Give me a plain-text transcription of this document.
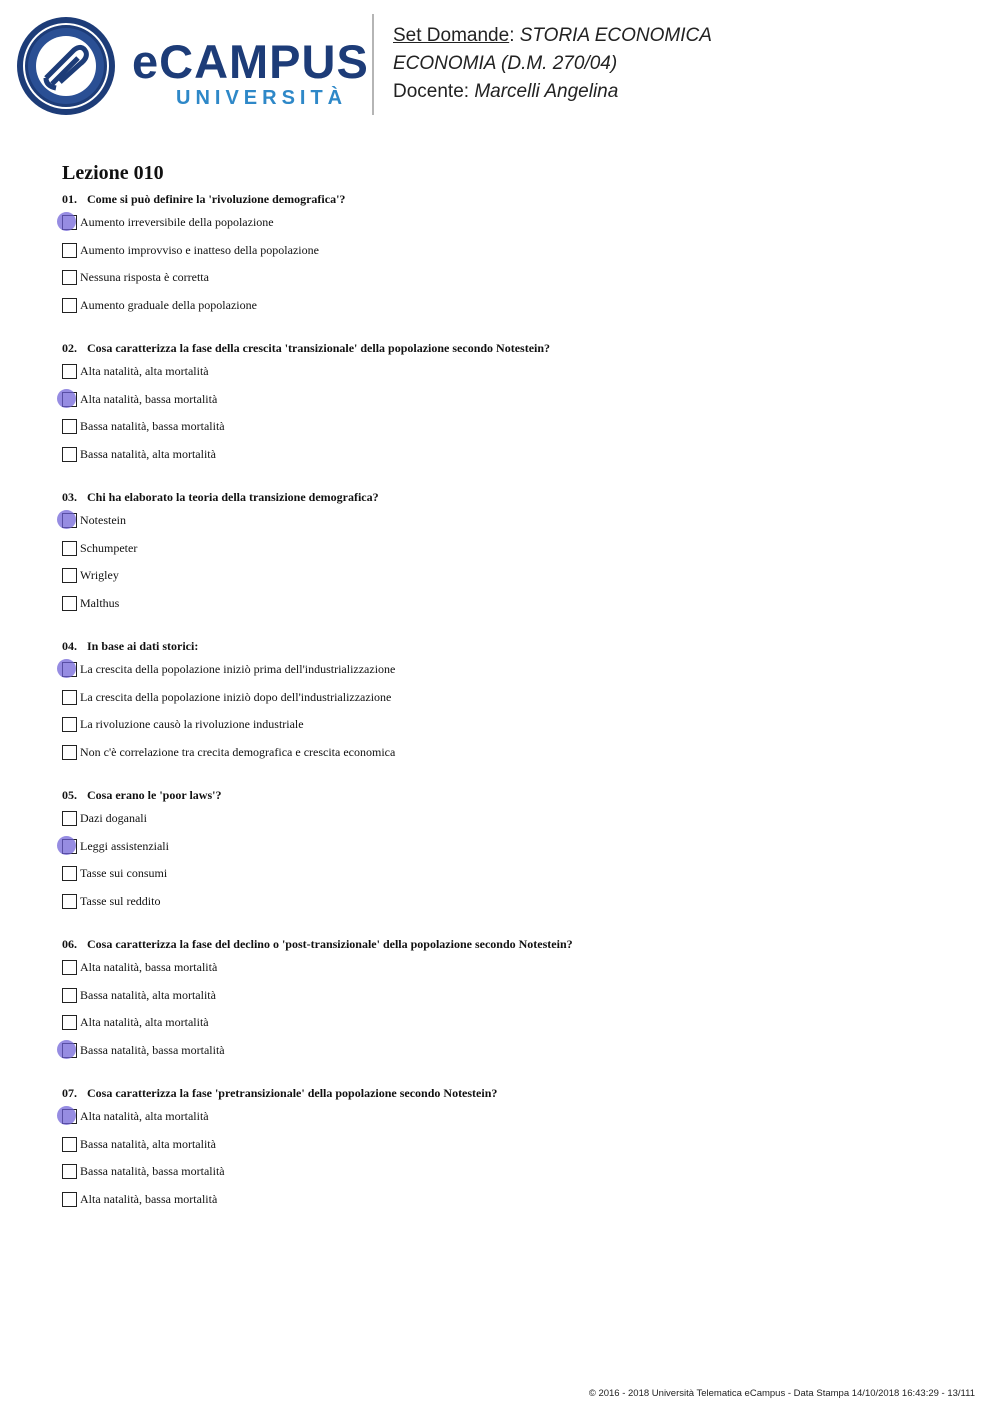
eCAMPUS
UNIVERSITÀ
Set Domande: STORIA ECONOMICA
ECONOMIA (D.M. 270/04)
Docente: Marcelli Angelina
Lezione 010
01. Come si può definire la 'rivoluzione demografica'?
Aumento irreversibile della popolazione
Aumento improvviso e inatteso della popolazione
Nessuna risposta è corretta
Aumento graduale della popolazione
02. Cosa caratterizza la fase della crescita 'transizionale' della popolazione secondo Notestein?
Alta natalità, alta mortalità
Alta natalità, bassa mortalità
Bassa natalità, bassa mortalità
Bassa natalità, alta mortalità
03. Chi ha elaborato la teoria della transizione demografica?
Notestein
Schumpeter
Wrigley
Malthus
04. In base ai dati storici:
La crescita della popolazione iniziò prima dell'industrializzazione
La crescita della popolazione iniziò dopo dell'industrializzazione
La rivoluzione causò la rivoluzione industriale
Non c'è correlazione tra crecita demografica e crescita economica
05. Cosa erano le 'poor laws'?
Dazi doganali
Leggi assistenziali
Tasse sui consumi
Tasse sul reddito
06. Cosa caratterizza la fase del declino o 'post-transizionale' della popolazione secondo Notestein?
Alta natalità, bassa mortalità
Bassa natalità, alta mortalità
Alta natalità, alta mortalità
Bassa natalità, bassa mortalità
07. Cosa caratterizza la fase 'pretransizionale' della popolazione secondo Notestein?
Alta natalità, alta mortalità
Bassa natalità, alta mortalità
Bassa natalità, bassa mortalità
Alta natalità, bassa mortalità
© 2016 - 2018 Università Telematica eCampus - Data Stampa 14/10/2018 16:43:29 - 13/111
